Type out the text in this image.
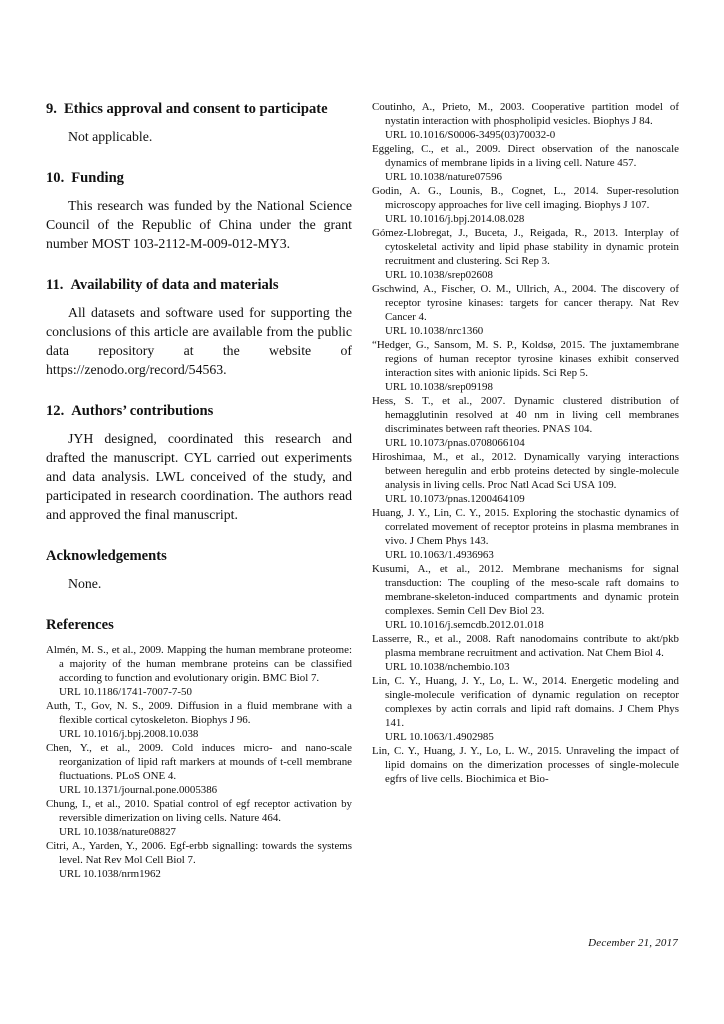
9. Ethics approval and consent to participate

Not applicable.

10. Funding

This research was funded by the National Science Council of the Republic of China under the grant number MOST 103-2112-M-009-012-MY3.

11. Availability of data and materials

All datasets and software used for supporting the conclusions of this article are available from the public data repository at the website of https://zenodo.org/record/54563.

12. Authors’ contributions

JYH designed, coordinated this research and drafted the manuscript. CYL carried out experiments and data analysis. LWL conceived of the study, and participated in research coordination. The authors read and approved the final manuscript.

Acknowledgements

None.

References

Almén, M. S., et al., 2009. Mapping the human membrane proteome: a majority of the human membrane proteins can be classified according to function and evolutionary origin. BMC Biol 7.
URL 10.1186/1741-7007-7-50

Auth, T., Gov, N. S., 2009. Diffusion in a fluid membrane with a flexible cortical cytoskeleton. Biophys J 96.
URL 10.1016/j.bpj.2008.10.038

Chen, Y., et al., 2009. Cold induces micro- and nano-scale reorganization of lipid raft markers at mounds of t-cell membrane fluctuations. PLoS ONE 4.
URL 10.1371/journal.pone.0005386

Chung, I., et al., 2010. Spatial control of egf receptor activation by reversible dimerization on living cells. Nature 464.
URL 10.1038/nature08827

Citri, A., Yarden, Y., 2006. Egf-erbb signalling: towards the systems level. Nat Rev Mol Cell Biol 7.
URL 10.1038/nrm1962

Coutinho, A., Prieto, M., 2003. Cooperative partition model of nystatin interaction with phospholipid vesicles. Biophys J 84.
URL 10.1016/S0006-3495(03)70032-0

Eggeling, C., et al., 2009. Direct observation of the nanoscale dynamics of membrane lipids in a living cell. Nature 457.
URL 10.1038/nature07596

Godin, A. G., Lounis, B., Cognet, L., 2014. Super-resolution microscopy approaches for live cell imaging. Biophys J 107.
URL 10.1016/j.bpj.2014.08.028

Gómez-Llobregat, J., Buceta, J., Reigada, R., 2013. Interplay of cytoskeletal activity and lipid phase stability in dynamic protein recruitment and clustering. Sci Rep 3.
URL 10.1038/srep02608

Gschwind, A., Fischer, O. M., Ullrich, A., 2004. The discovery of receptor tyrosine kinases: targets for cancer therapy. Nat Rev Cancer 4.
URL 10.1038/nrc1360

“Hedger, G., Sansom, M. S. P., Koldsø, 2015. The juxtamembrane regions of human receptor tyrosine kinases exhibit conserved interaction sites with anionic lipids. Sci Rep 5.
URL 10.1038/srep09198

Hess, S. T., et al., 2007. Dynamic clustered distribution of hemagglutinin resolved at 40 nm in living cell membranes discriminates between raft theories. PNAS 104.
URL 10.1073/pnas.0708066104

Hiroshimaa, M., et al., 2012. Dynamically varying interactions between heregulin and erbb proteins detected by single-molecule analysis in living cells. Proc Natl Acad Sci USA 109.
URL 10.1073/pnas.1200464109

Huang, J. Y., Lin, C. Y., 2015. Exploring the stochastic dynamics of correlated movement of receptor proteins in plasma membranes in vivo. J Chem Phys 143.
URL 10.1063/1.4936963

Kusumi, A., et al., 2012. Membrane mechanisms for signal transduction: The coupling of the meso-scale raft domains to membrane-skeleton-induced compartments and dynamic protein complexes. Semin Cell Dev Biol 23.
URL 10.1016/j.semcdb.2012.01.018

Lasserre, R., et al., 2008. Raft nanodomains contribute to akt/pkb plasma membrane recruitment and activation. Nat Chem Biol 4.
URL 10.1038/nchembio.103

Lin, C. Y., Huang, J. Y., Lo, L. W., 2014. Energetic modeling and single-molecule verification of dynamic regulation on receptor complexes by actin corrals and lipid raft domains. J Chem Phys 141.
URL 10.1063/1.4902985

Lin, C. Y., Huang, J. Y., Lo, L. W., 2015. Unraveling the impact of lipid domains on the dimerization processes of single-molecule egfrs of live cells. Biochimica et Bio-

December 21, 2017
